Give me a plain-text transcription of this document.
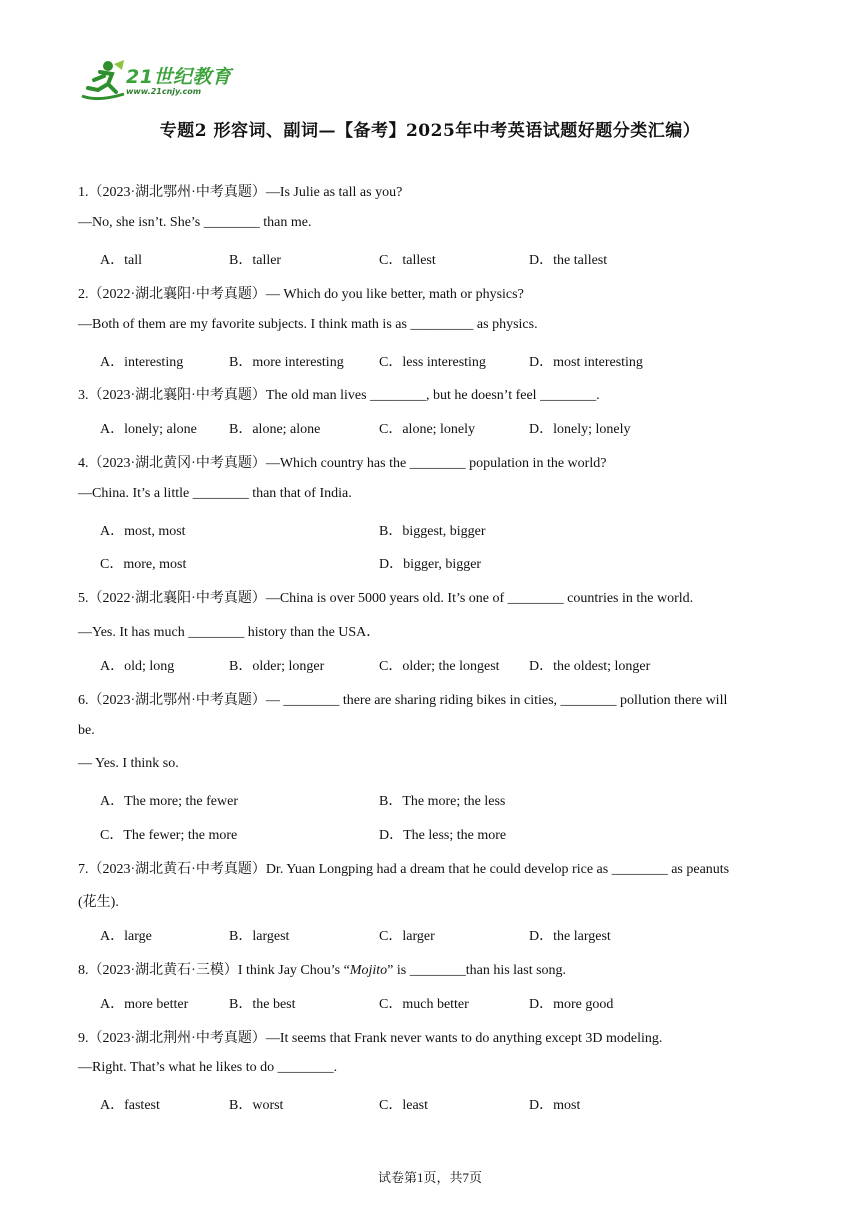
21世纪教育
www.21cnjy.com
专题2 形容词、副词—【备考】2025年中考英语试题好题分类汇编）
1.（2023·湖北鄂州·中考真题）—Is Julie as tall as you?
—No, she isn’t. She’s ________ than me.
A．tall	B．taller	C．tallest	D．the tallest
2.（2022·湖北襄阳·中考真题）— Which do you like better, math or physics?
—Both of them are my favorite subjects. I think math is as _________ as physics.
A．interesting	B．more interesting	C．less interesting	D．most interesting
3.（2023·湖北襄阳·中考真题）The old man lives ________, but he doesn’t feel ________.
A．lonely; alone B．alone; alone	C．alone; lonely	D．lonely; lonely
4.（2023·湖北黄冈·中考真题）—Which country has the ________ population in the world?
—China. It’s a little ________ than that of India.
A．most, most	B．biggest, bigger
C．more, most	D．bigger, bigger
5.（2022·湖北襄阳·中考真题）—China is over 5000 years old. It’s one of ________ countries in the world.
—Yes. It has much ________ history than the USA．
A．old; long	B．older; longer	C．older; the longest D．the oldest; longer
6.（2023·湖北鄂州·中考真题）— ________ there are sharing riding bikes in cities, ________ pollution there will
be.
— Yes. I think so.
A．The more; the fewer	B．The more; the less
C．The fewer; the more	D．The less; the more
7.（2023·湖北黄石·中考真题）Dr. Yuan Longping had a dream that he could develop rice as ________ as peanuts
(花生).
A．large	B．largest	C．larger	D．the largest
8.（2023·湖北黄石·三模）I think Jay Chou’s “Mojito” is ________than his last song.
A．more better	B．the best	C．much better	D．more good
9.（2023·湖北荆州·中考真题）—It seems that Frank never wants to do anything except 3D modeling.
—Right. That’s what he likes to do ________.
A．fastest	B．worst	C．least	D．most
试卷第1页，共7页
